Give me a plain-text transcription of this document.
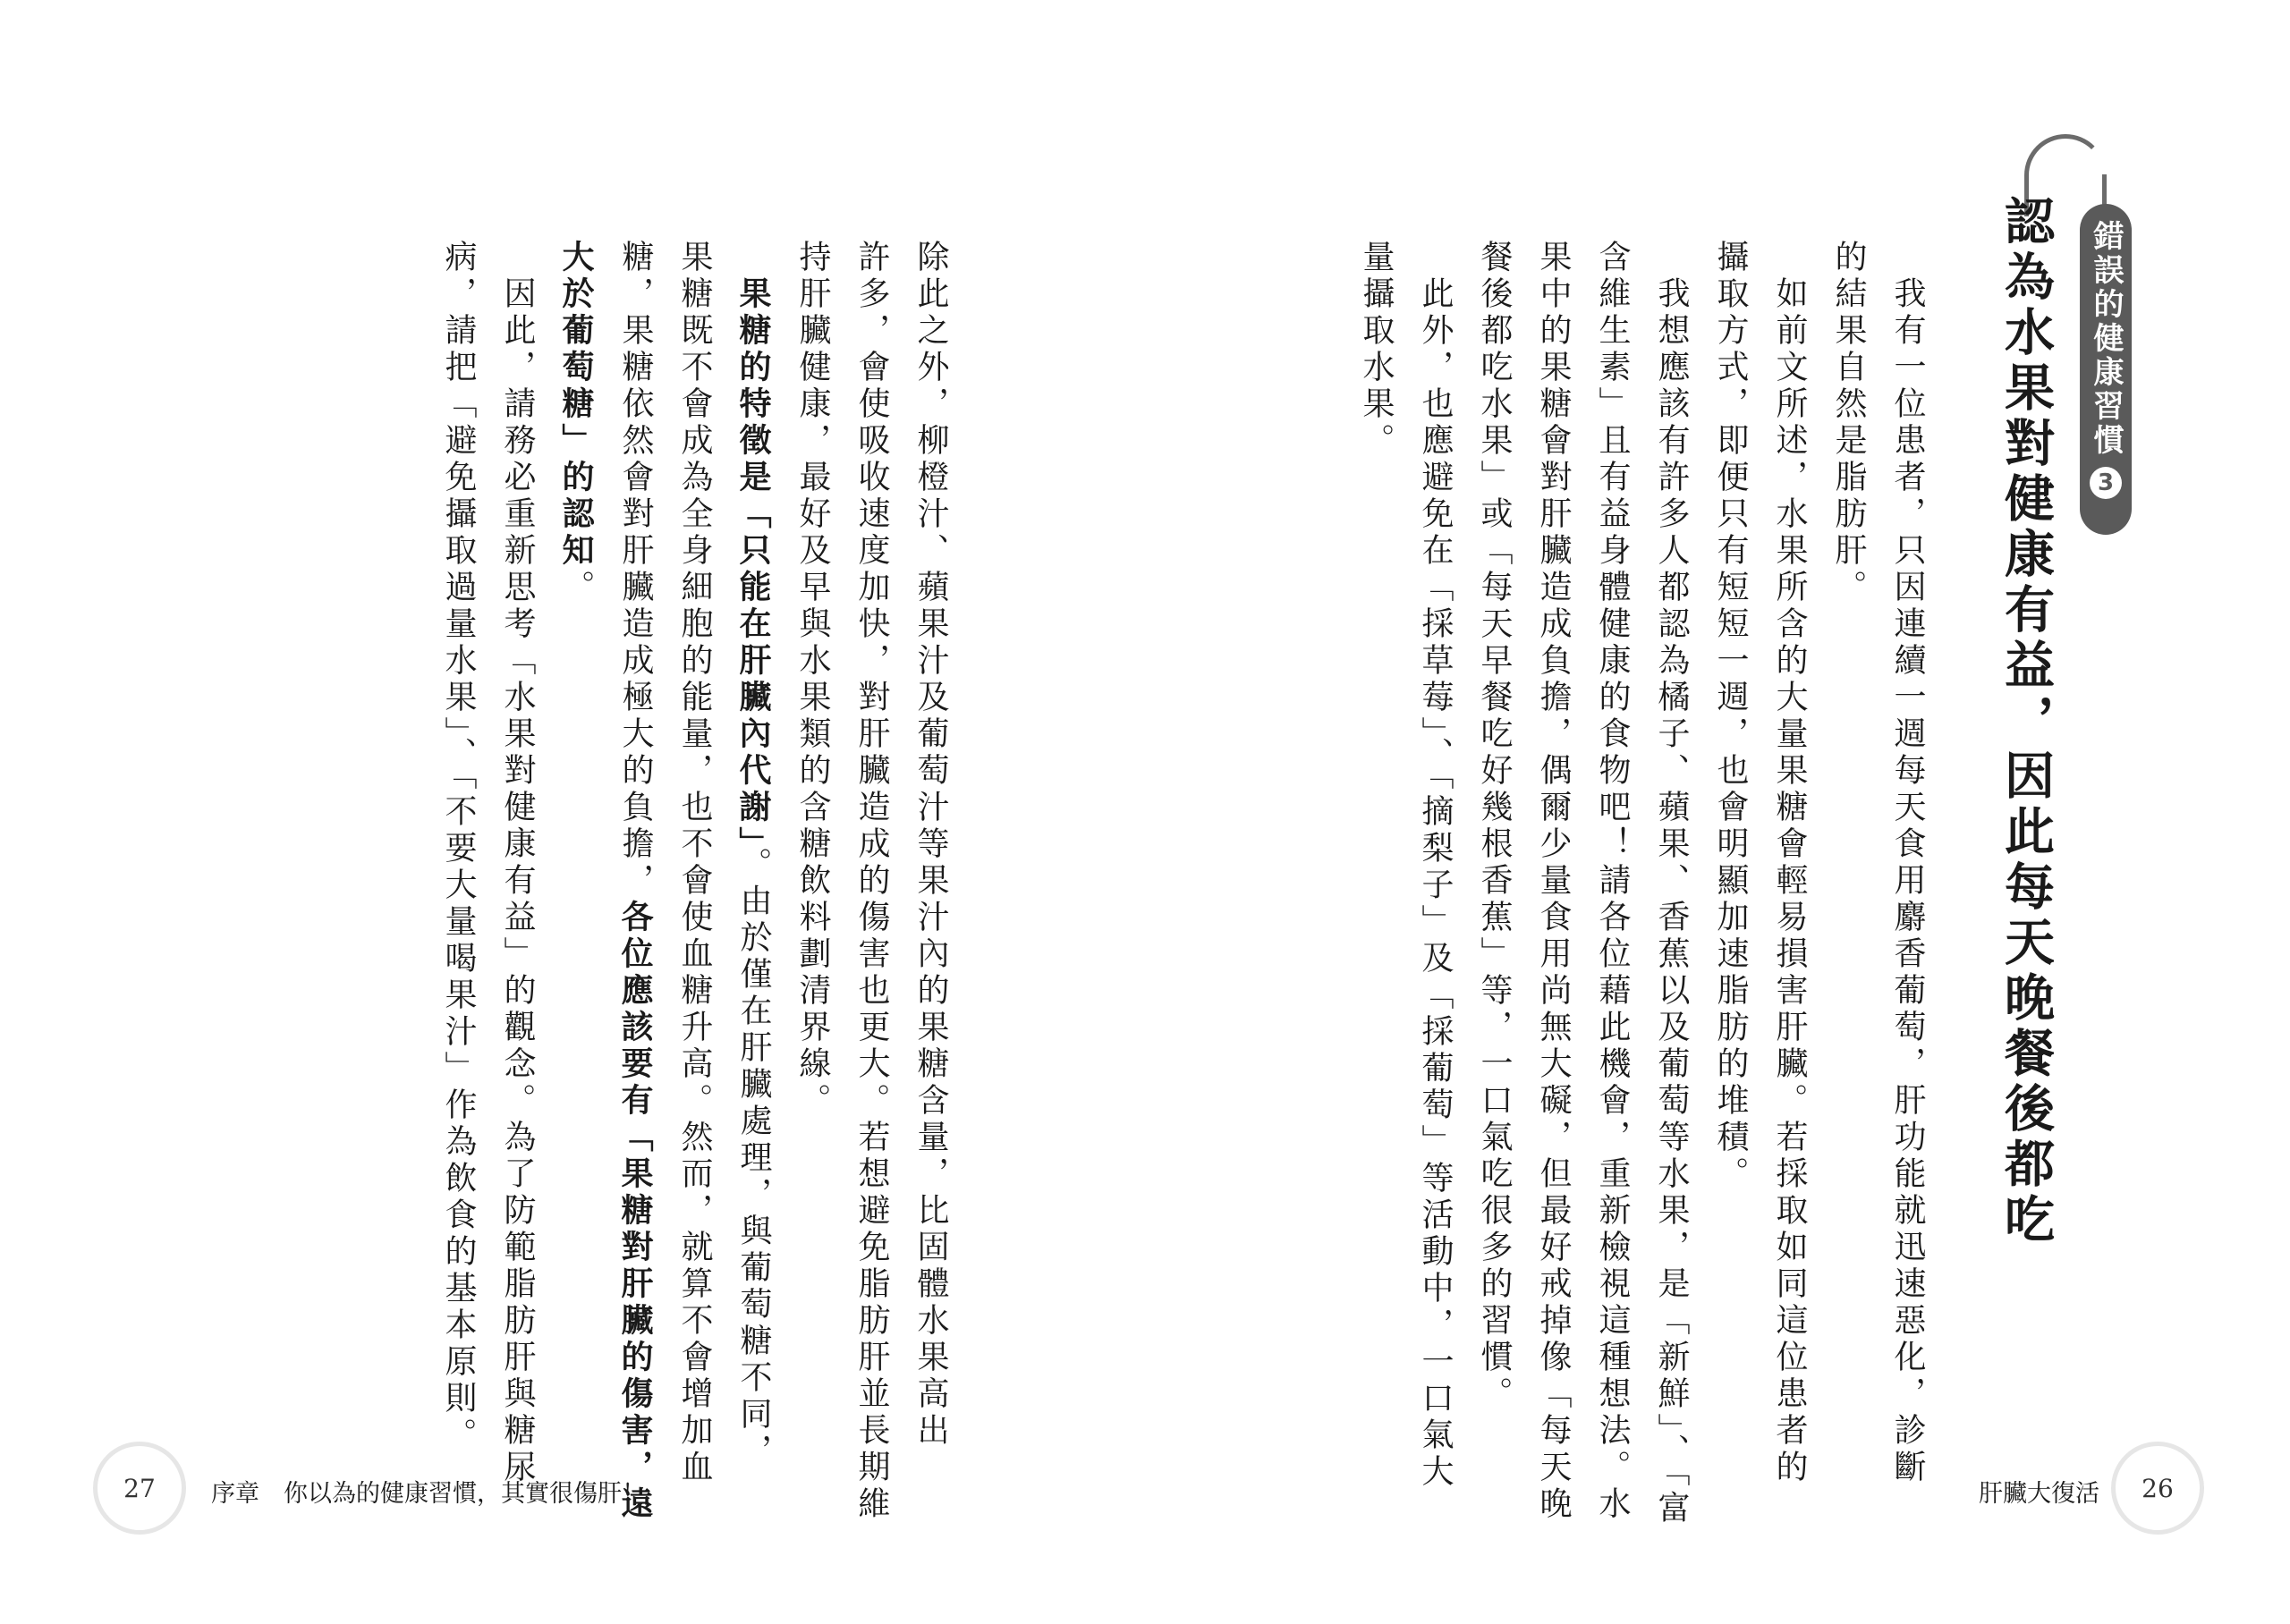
除此之外，柳橙汁、蘋果汁及葡萄汁等果汁內的果糖含量，比固體水果高出

許多，會使吸收速度加快，對肝臟造成的傷害也更大。若想避免脂肪肝並長期維

持肝臟健康，最好及早與水果類的含糖飲料劃清界線。

　果糖的特徵是「只能在肝臟內代謝」。由於僅在肝臟處理，與葡萄糖不同，

果糖既不會成為全身細胞的能量，也不會使血糖升高。然而，就算不會增加血

糖，果糖依然會對肝臟造成極大的負擔，各位應該要有「果糖對肝臟的傷害，遠

大於葡萄糖」的認知。

　因此，請務必重新思考「水果對健康有益」的觀念。為了防範脂肪肝與糖尿

病，請把「避免攝取過量水果」、「不要大量喝果汁」作為飲食的基本原則。

27 序章　你以為的健康習慣，其實很傷肝！	肝臟大復活 26

　我有一位患者，只因連續一週每天食用麝香葡萄，肝功能就迅速惡化，診斷

的結果自然是脂肪肝。

　如前文所述，水果所含的大量果糖會輕易損害肝臟。若採取如同這位患者的

攝取方式，即便只有短短一週，也會明顯加速脂肪的堆積。

　我想應該有許多人都認為橘子、蘋果、香蕉以及葡萄等水果，是「新鮮」、「富

含維生素」且有益身體健康的食物吧！請各位藉此機會，重新檢視這種想法。水

果中的果糖會對肝臟造成負擔，偶爾少量食用尚無大礙，但最好戒掉像「每天晚

餐後都吃水果」或「每天早餐吃好幾根香蕉」等，一口氣吃很多的習慣。

　此外，也應避免在「採草莓」、「摘梨子」及「採葡萄」等活動中，一口氣大

量攝取水果。	錯誤的健康習慣
3
認為水果對健康有益，因此每天晚餐後都吃
